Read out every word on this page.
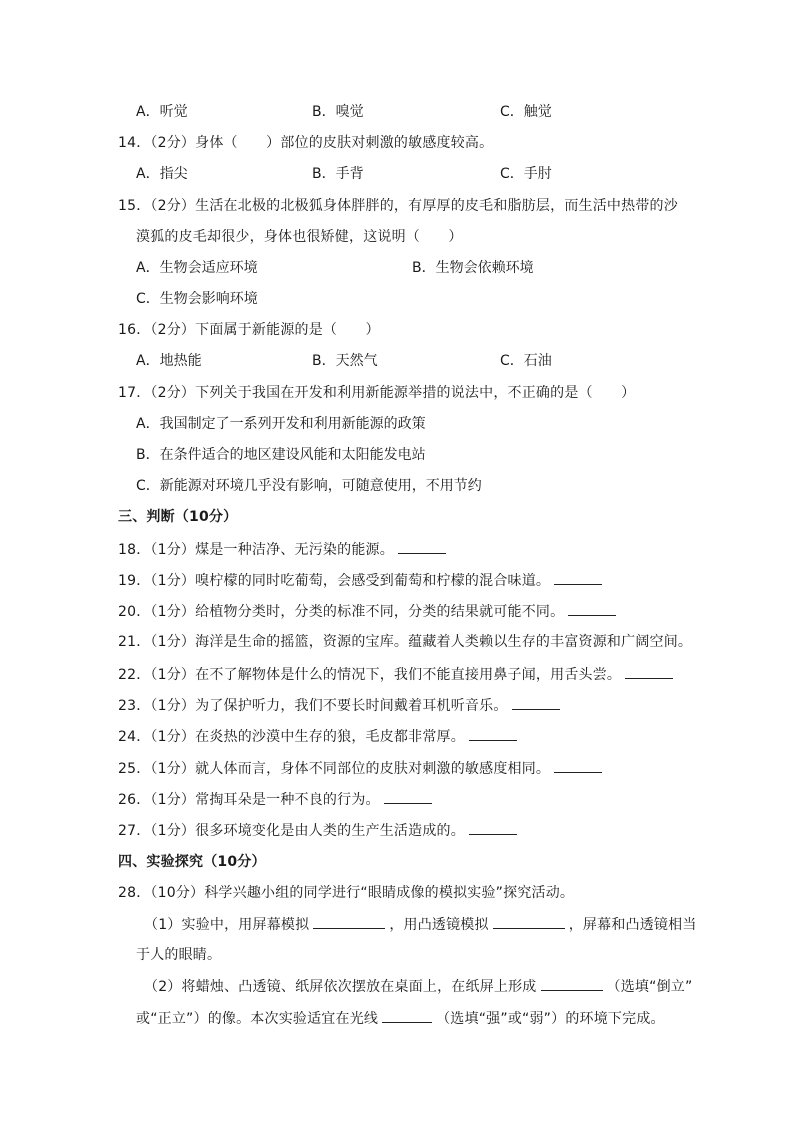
A．听觉	B．嗅觉	C．触觉
14．（2分）身体（　　）部位的皮肤对刺激的敏感度较高。
A．指尖	B．手背	C．手肘
15．（2分）生活在北极的北极狐身体胖胖的，有厚厚的皮毛和脂肪层，而生活中热带的沙
漠狐的皮毛却很少，身体也很矫健，这说明（　　）
A．生物会适应环境	B．生物会依赖环境
C．生物会影响环境
16．（2分）下面属于新能源的是（　　）
A．地热能	B．天然气	C．石油
17．（2分）下列关于我国在开发和利用新能源举措的说法中，不正确的是（　　）
A．我国制定了一系列开发和利用新能源的政策
B．在条件适合的地区建设风能和太阳能发电站
C．新能源对环境几乎没有影响，可随意使用，不用节约
三、判断（10分）
18．（1分）煤是一种洁净、无污染的能源。
19．（1分）嗅柠檬的同时吃葡萄，会感受到葡萄和柠檬的混合味道。
20．（1分）给植物分类时，分类的标准不同，分类的结果就可能不同。
21．（1分）海洋是生命的摇篮，资源的宝库。蕴藏着人类赖以生存的丰富资源和广阔空间。
22．（1分）在不了解物体是什么的情况下，我们不能直接用鼻子闻，用舌头尝。
23．（1分）为了保护听力，我们不要长时间戴着耳机听音乐。
24．（1分）在炎热的沙漠中生存的狼，毛皮都非常厚。
25．（1分）就人体而言，身体不同部位的皮肤对刺激的敏感度相同。
26．（1分）常掏耳朵是一种不良的行为。
27．（1分）很多环境变化是由人类的生产生活造成的。
四、实验探究（10分）
28．（10分）科学兴趣小组的同学进行“眼睛成像的模拟实验”探究活动。
（1）实验中，用屏幕模拟	，用凸透镜模拟	，屏幕和凸透镜相当
于人的眼睛。
（2）将蜡烛、凸透镜、纸屏依次摆放在桌面上，在纸屏上形成	（选填“倒立”
或“正立”）的像。本次实验适宜在光线	（选填“强”或“弱”）的环境下完成。
